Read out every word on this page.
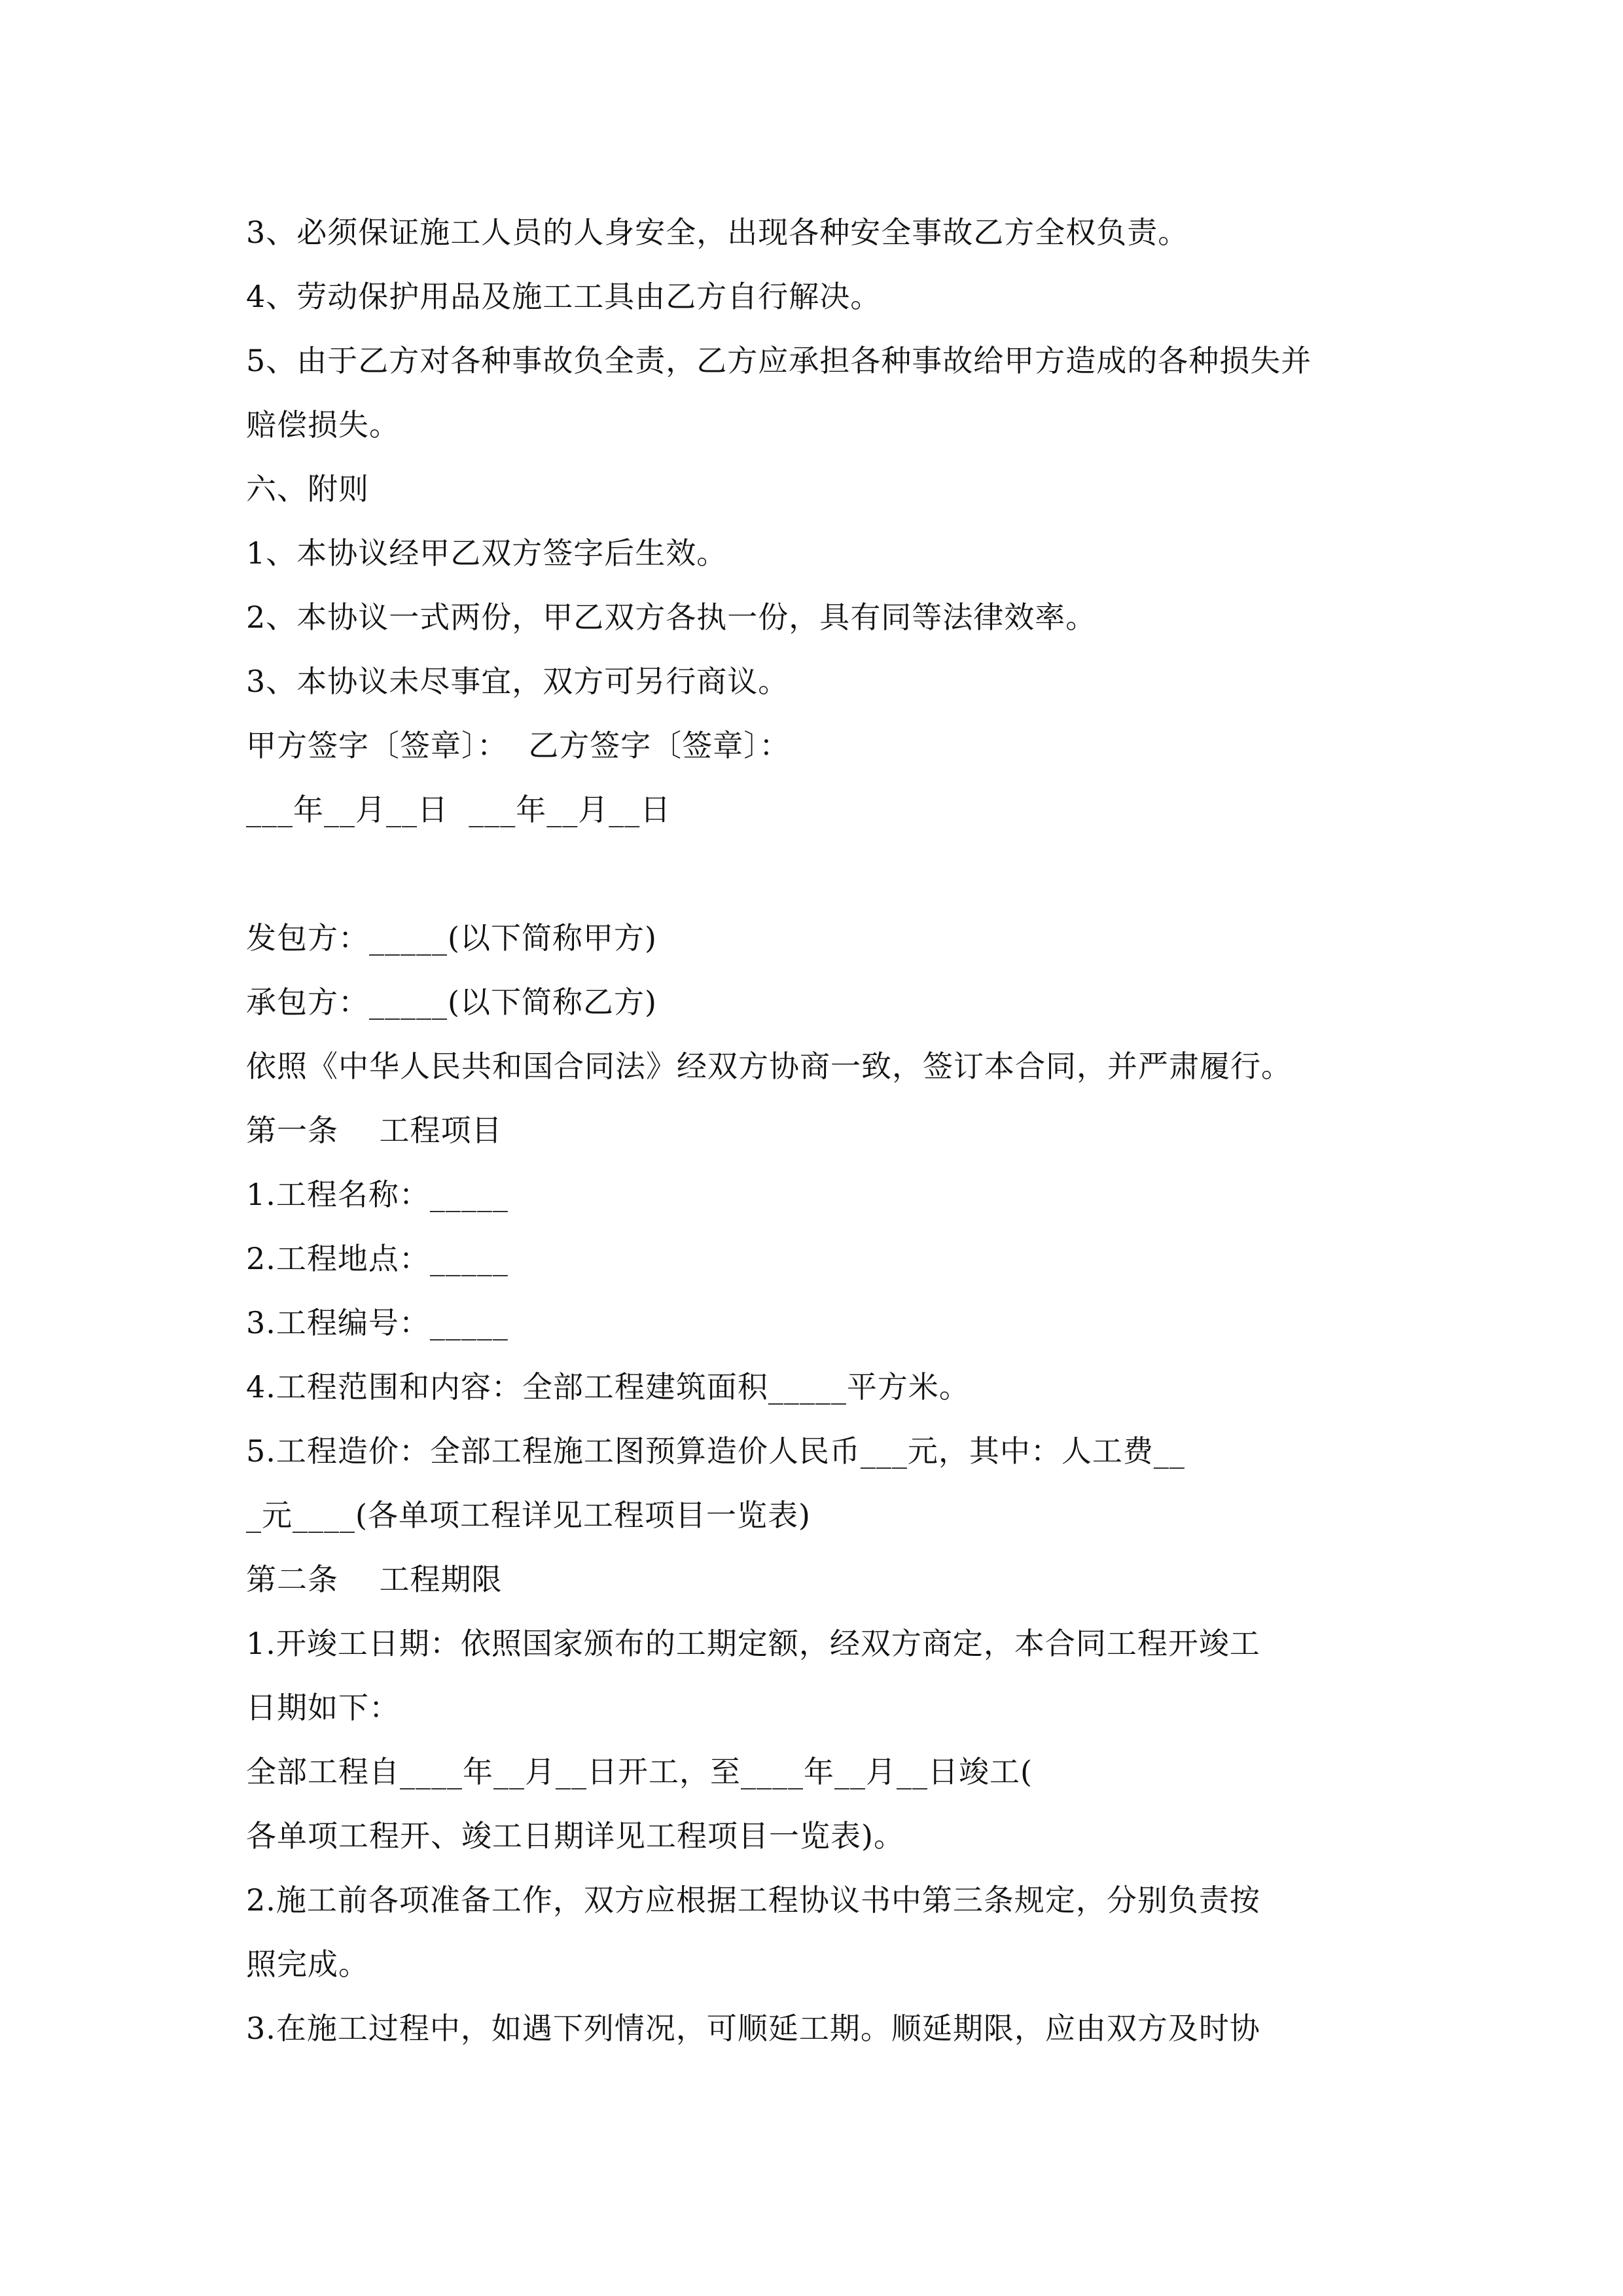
3、必须保证施工人员的人身安全，出现各种安全事故乙方全权负责。
4、劳动保护用品及施工工具由乙方自行解决。
5、由于乙方对各种事故负全责，乙方应承担各种事故给甲方造成的各种损失并
赔偿损失。
六、附则
1、本协议经甲乙双方签字后生效。
2、本协议一式两份，甲乙双方各执一份，具有同等法律效率。
3、本协议未尽事宜，双方可另行商议。
甲方签字〔签章〕：  乙方签字〔签章〕：
___年__月__日  ___年__月__日
发包方：_____(以下简称甲方)
承包方：_____(以下简称乙方)
依照《中华人民共和国合同法》经双方协商一致，签订本合同，并严肃履行。
第一条    工程项目
1.工程名称：_____
2.工程地点：_____
3.工程编号：_____
4.工程范围和内容：全部工程建筑面积_____平方米。
5.工程造价：全部工程施工图预算造价人民币___元，其中：人工费__
_元____(各单项工程详见工程项目一览表)
第二条    工程期限
1.开竣工日期：依照国家颁布的工期定额，经双方商定，本合同工程开竣工
日期如下：
全部工程自____年__月__日开工，至____年__月__日竣工(
各单项工程开、竣工日期详见工程项目一览表)。
2.施工前各项准备工作，双方应根据工程协议书中第三条规定，分别负责按
照完成。
3.在施工过程中，如遇下列情况，可顺延工期。顺延期限，应由双方及时协
